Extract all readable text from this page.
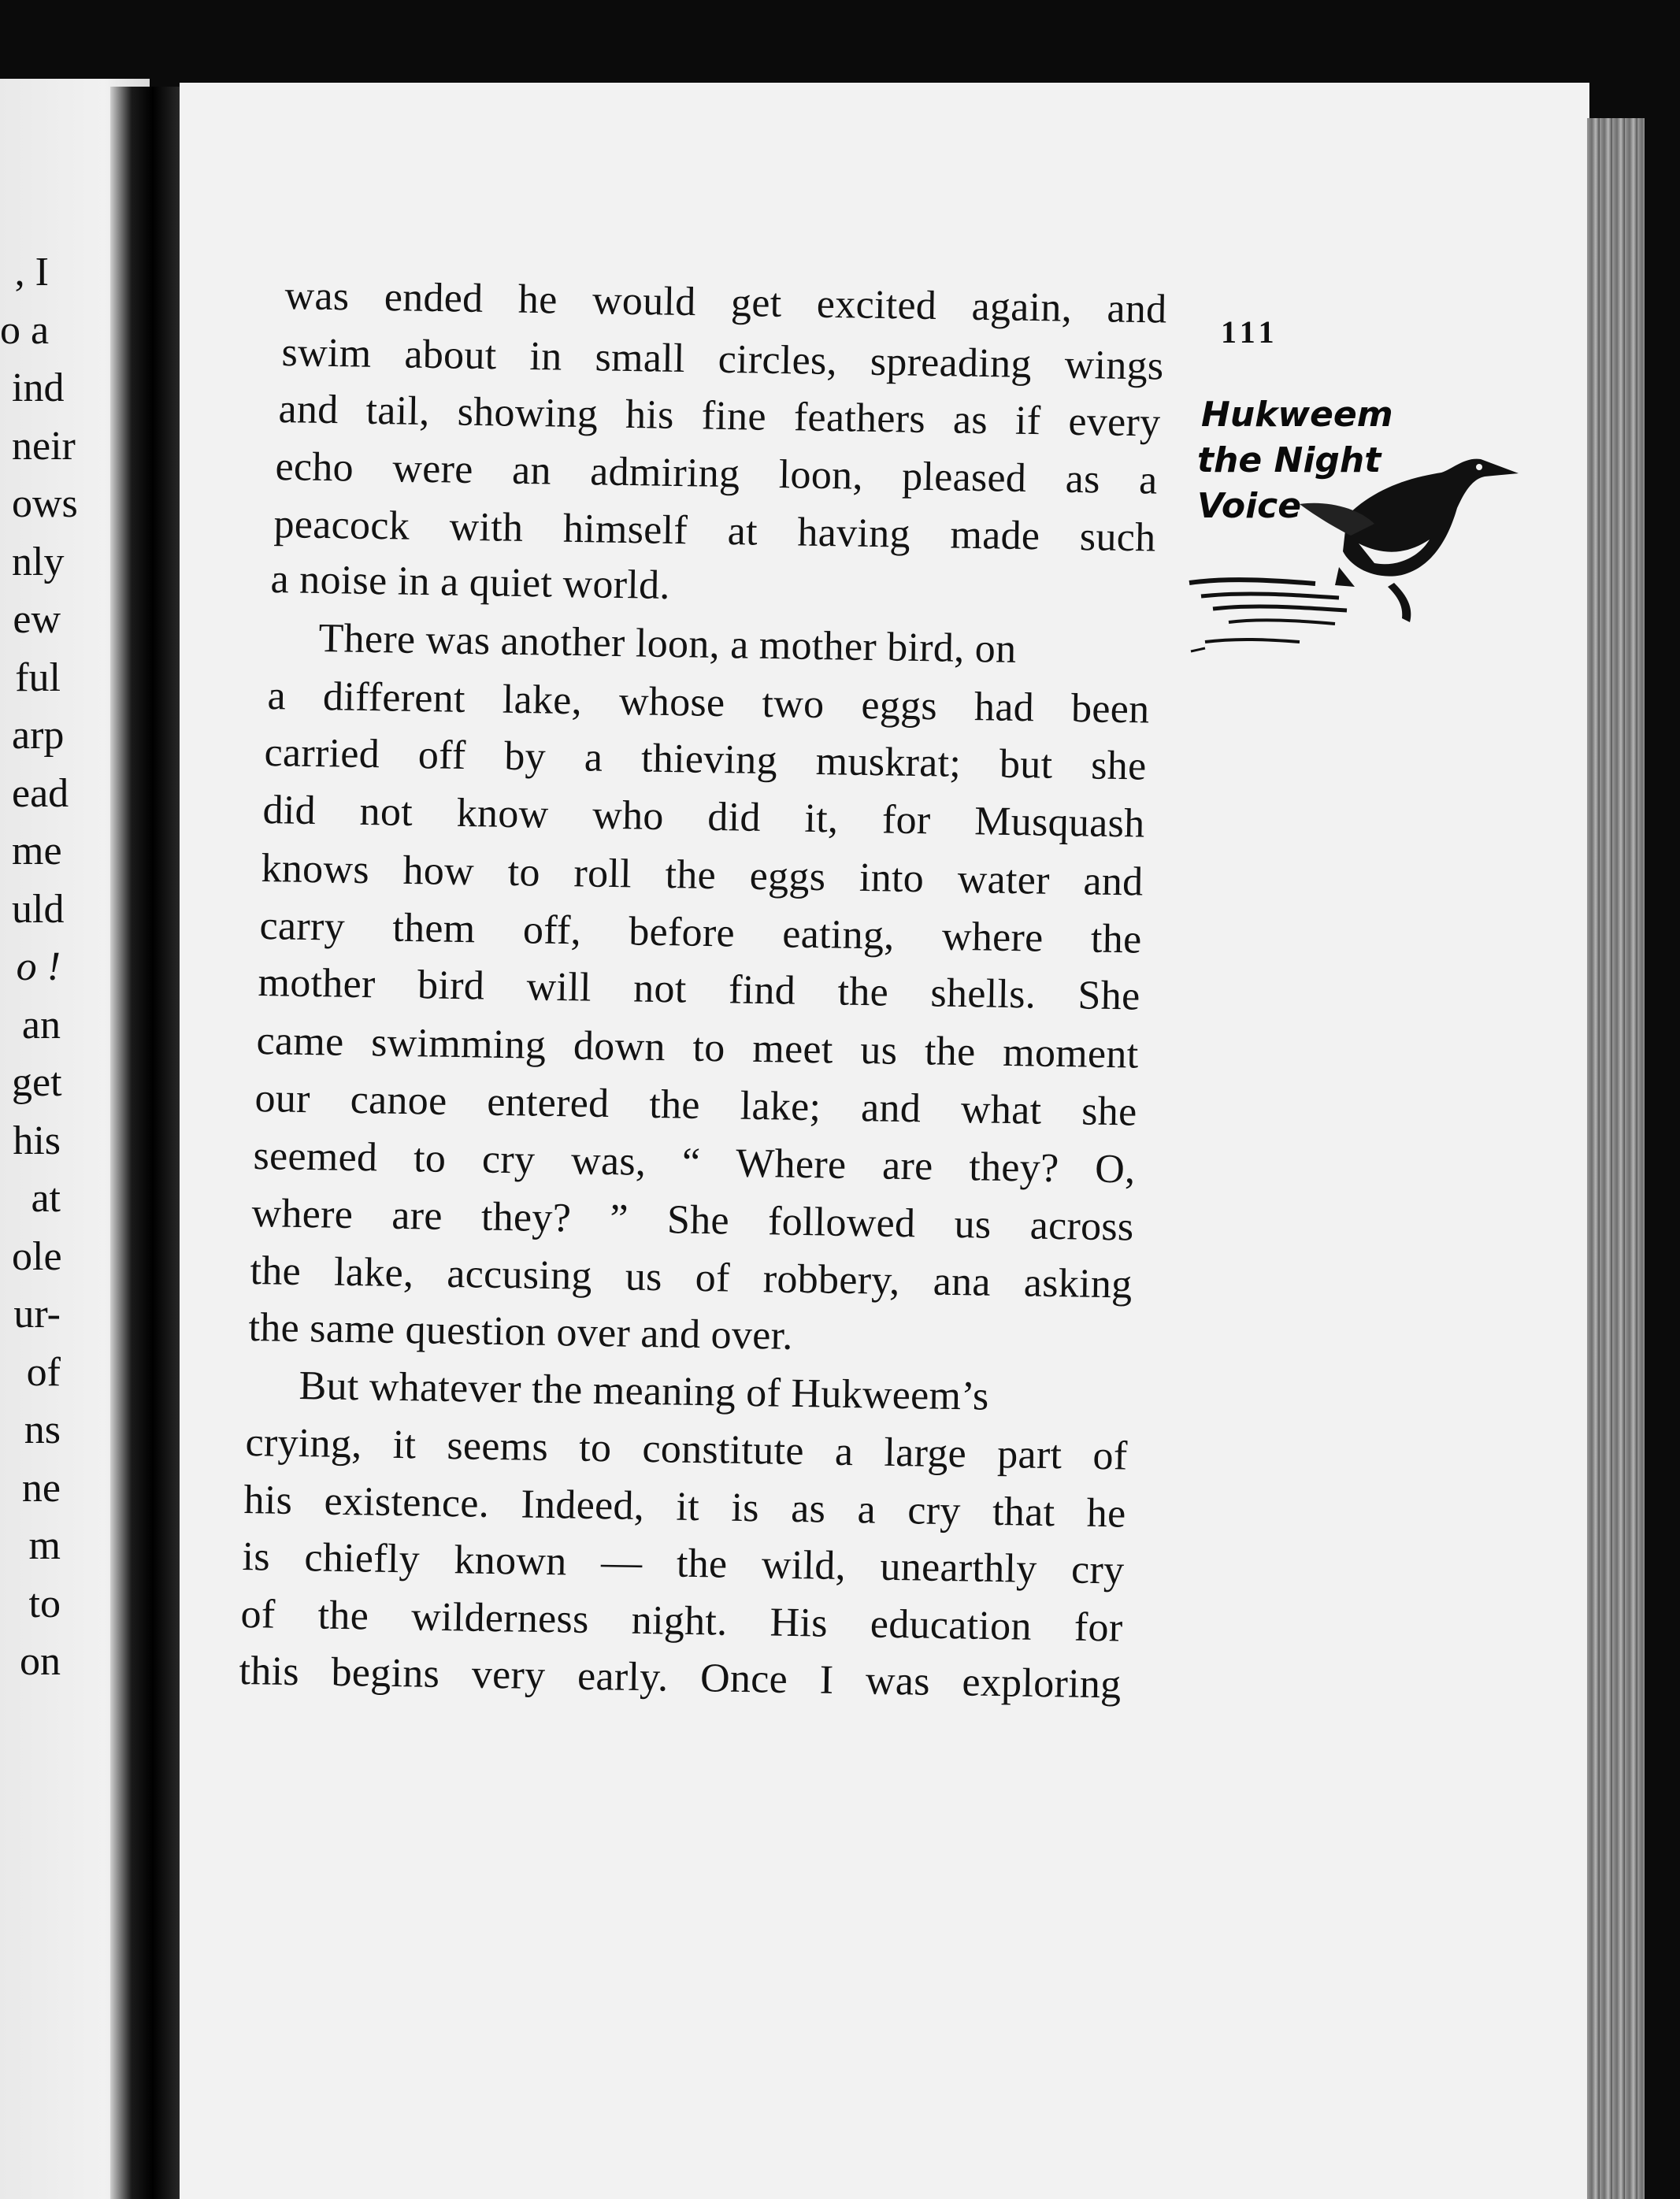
, I
o a
ind
neir
ows
nly
ew
ful
arp
ead
me
uld
o !
an
get
his
at
ole
ur-
of
ns
ne
m
to
on
111
Hukweem
the Night
Voice
was ended he would get excited again, and
swim about in small circles, spreading wings
and tail, showing his fine feathers as if every
echo were an admiring loon, pleased as a
peacock with himself at having made such
a noise in a quiet world.
There was another loon, a mother bird, on
a different lake, whose two eggs had been
carried off by a thieving muskrat; but she
did not know who did it, for Musquash
knows how to roll the eggs into water and
carry them off, before eating, where the
mother bird will not find the shells. She
came swimming down to meet us the moment
our canoe entered the lake; and what she
seemed to cry was, “ Where are they? O,
where are they? ” She followed us across
the lake, accusing us of robbery, ana asking
the same question over and over.
But whatever the meaning of Hukweem’s
crying, it seems to constitute a large part of
his existence. Indeed, it is as a cry that he
is chiefly known — the wild, unearthly cry
of the wilderness night. His education for
this begins very early. Once I was exploring
